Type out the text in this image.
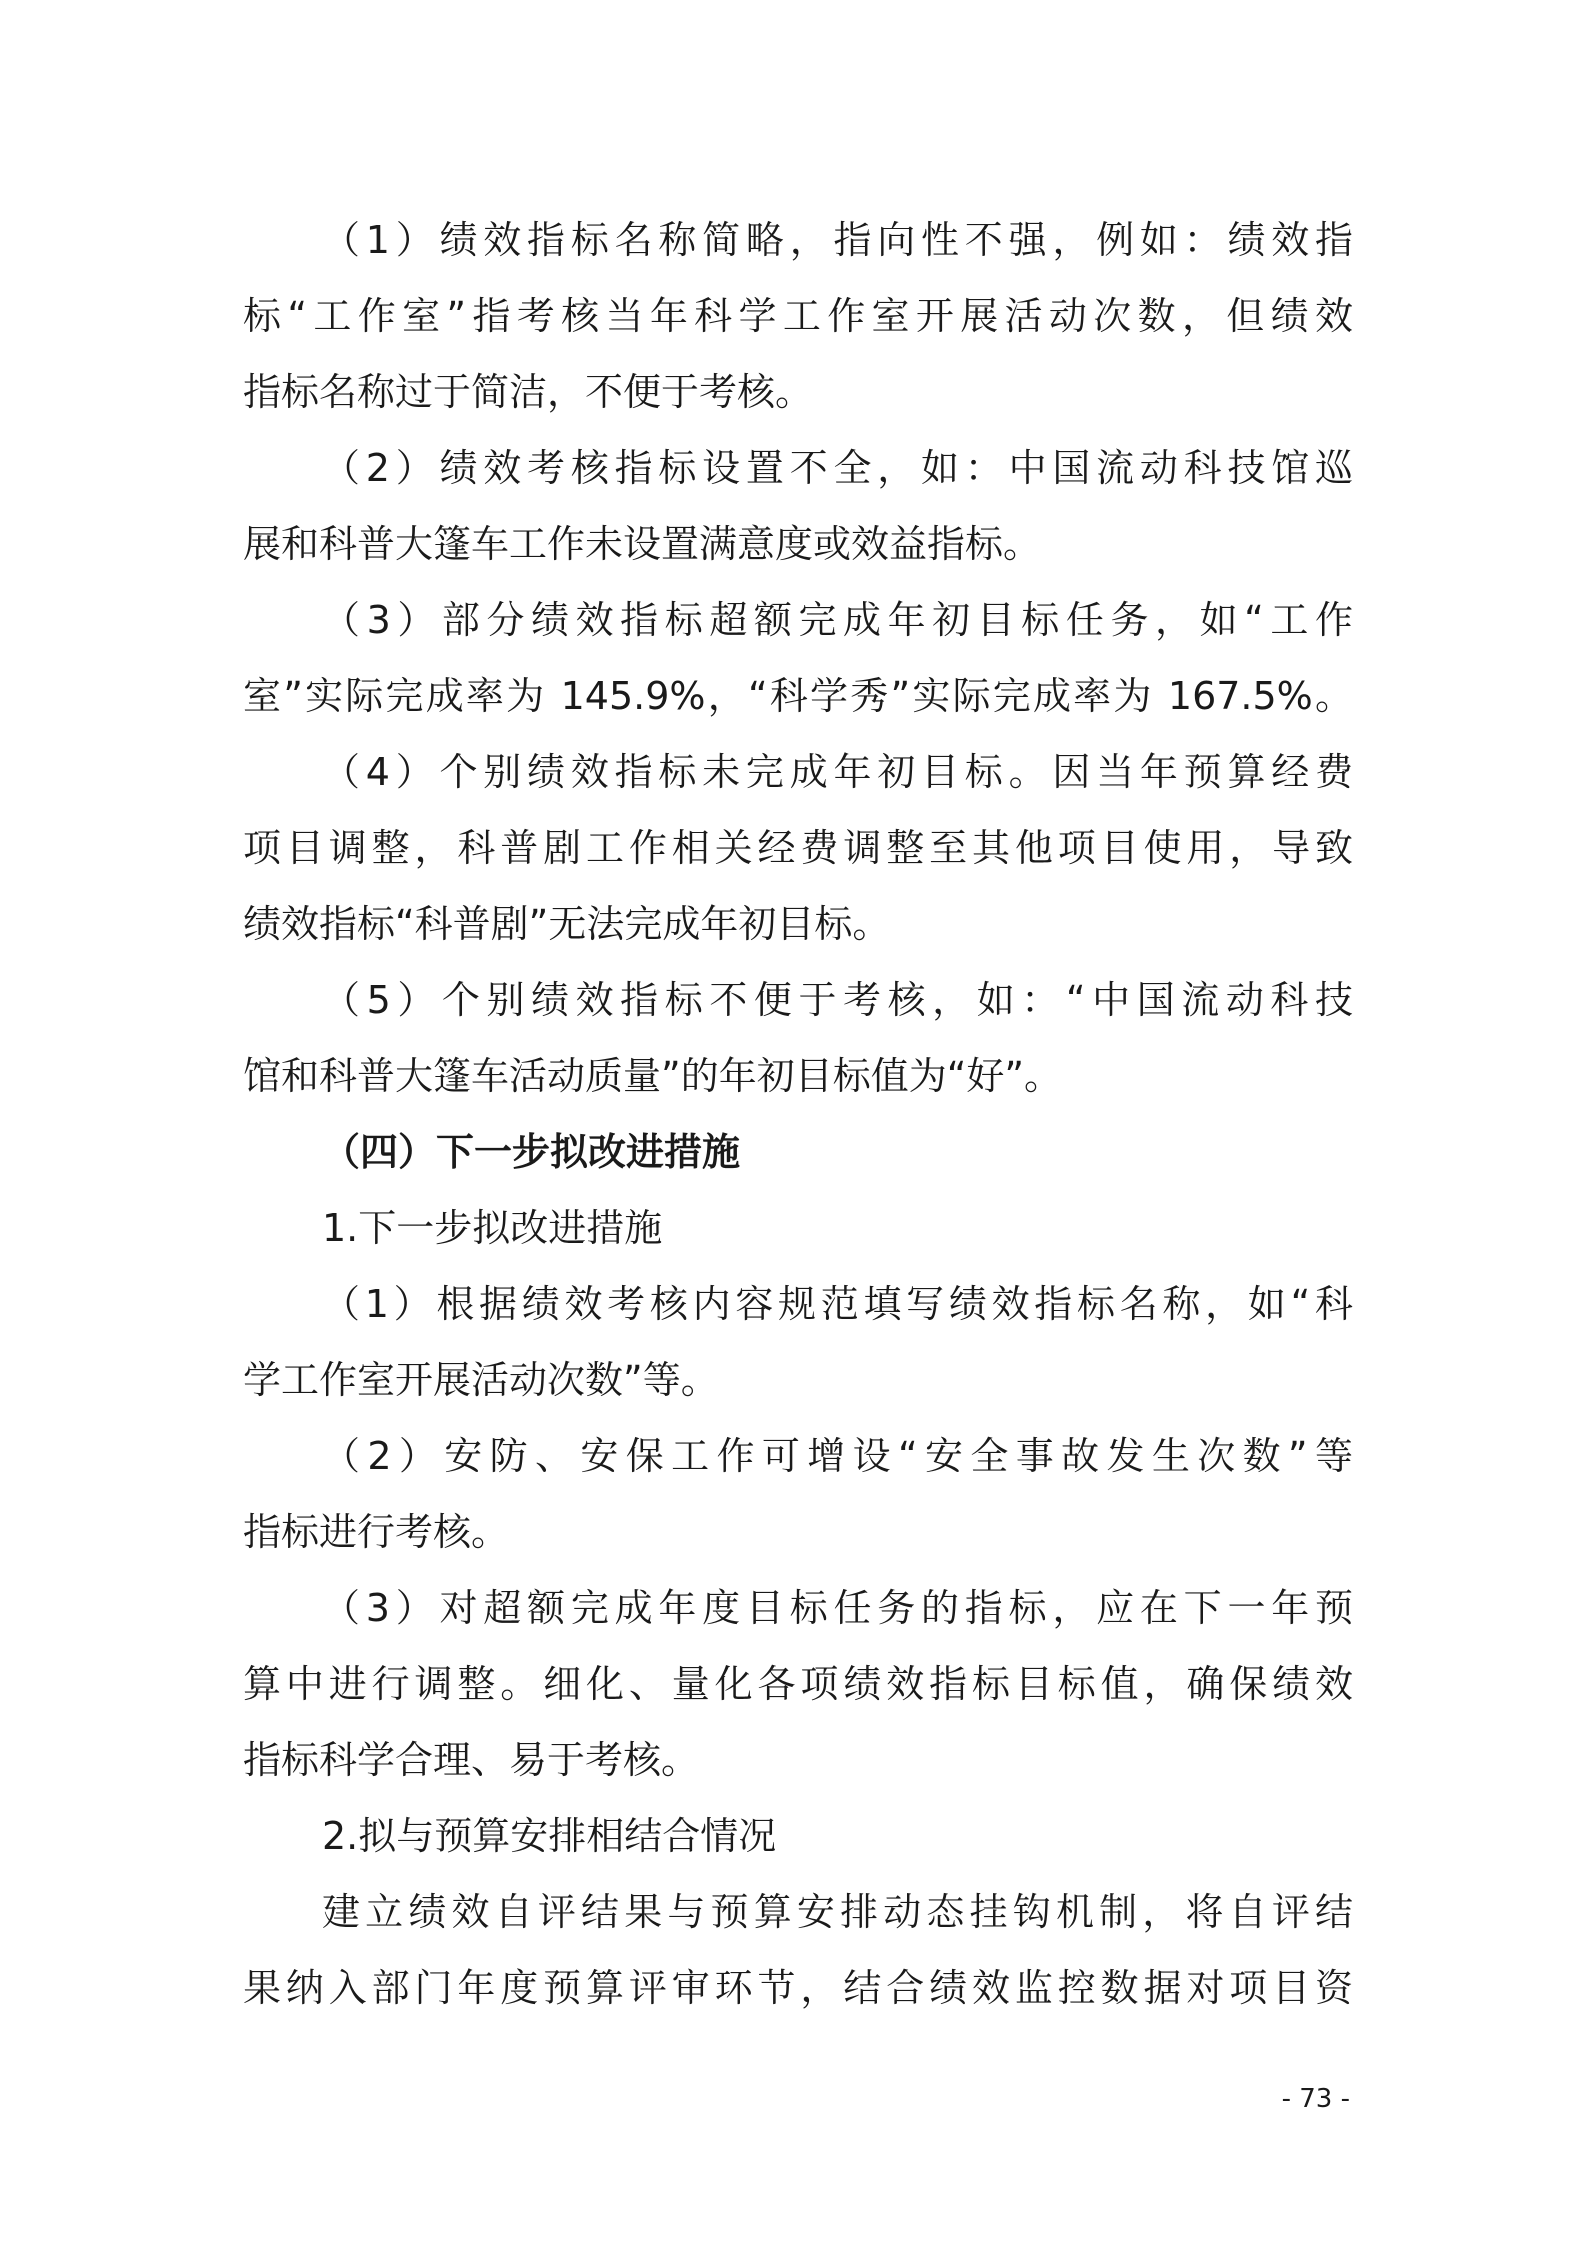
（1）绩效指标名称简略，指向性不强，例如：绩效指
标“工作室”指考核当年科学工作室开展活动次数，但绩效
指标名称过于简洁，不便于考核。
（2）绩效考核指标设置不全，如：中国流动科技馆巡
展和科普大篷车工作未设置满意度或效益指标。
（3）部分绩效指标超额完成年初目标任务，如“工作
室”实际完成率为 145.9%，“科学秀”实际完成率为 167.5%。
（4）个别绩效指标未完成年初目标。因当年预算经费
项目调整，科普剧工作相关经费调整至其他项目使用，导致
绩效指标“科普剧”无法完成年初目标。
（5）个别绩效指标不便于考核，如：“中国流动科技
馆和科普大篷车活动质量”的年初目标值为“好”。
（四）下一步拟改进措施
1.下一步拟改进措施
（1）根据绩效考核内容规范填写绩效指标名称，如“科
学工作室开展活动次数”等。
（2）安防、安保工作可增设“安全事故发生次数”等
指标进行考核。
（3）对超额完成年度目标任务的指标，应在下一年预
算中进行调整。细化、量化各项绩效指标目标值，确保绩效
指标科学合理、易于考核。
2.拟与预算安排相结合情况
建立绩效自评结果与预算安排动态挂钩机制，将自评结
果纳入部门年度预算评审环节，结合绩效监控数据对项目资
- 73 -
